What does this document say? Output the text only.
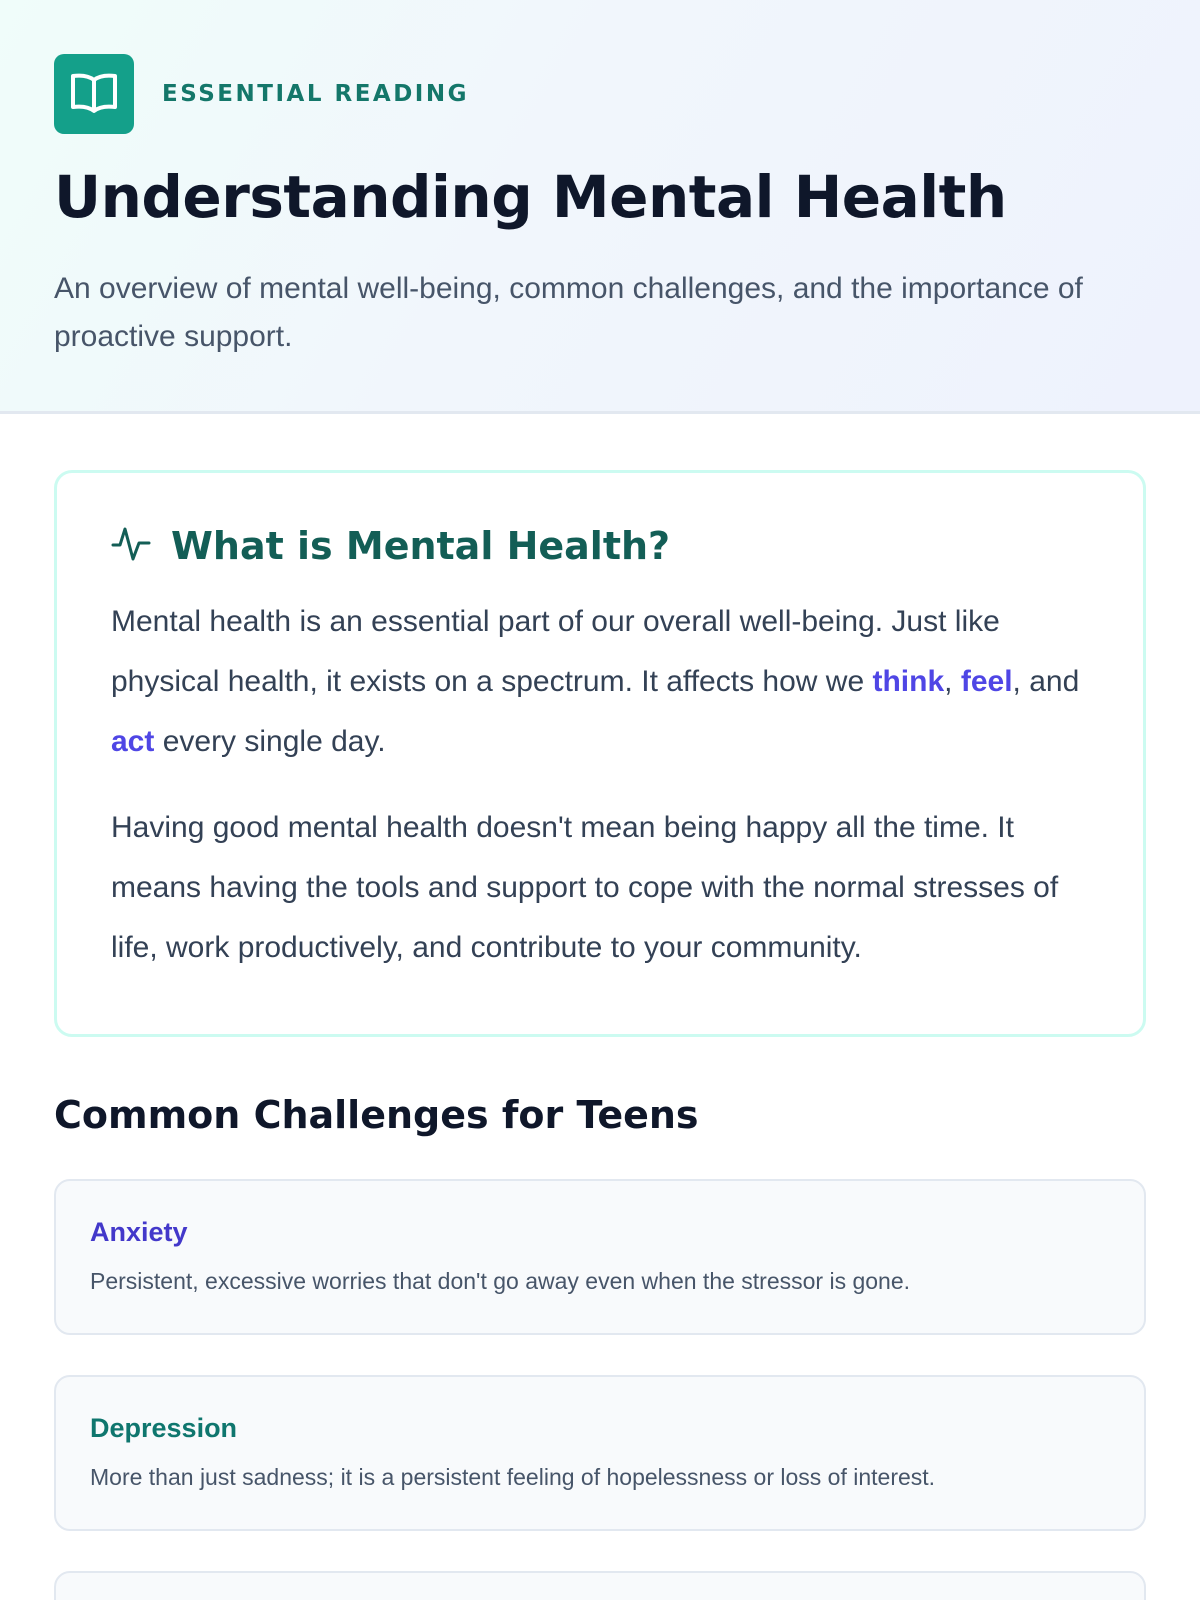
ESSENTIAL READING
Understanding Mental Health

An overview of mental well-being, common challenges, and the importance of proactive support.

What is Mental Health?

Mental health is an essential part of our overall well-being. Just like physical health, it exists on a spectrum. It affects how we think, feel, and act every single day.

Having good mental health doesn't mean being happy all the time. It means having the tools and support to cope with the normal stresses of life, work productively, and contribute to your community.

Common Challenges for Teens

Anxiety

Persistent, excessive worries that don't go away even when the stressor is gone.

Depression

More than just sadness; it is a persistent feeling of hopelessness or loss of interest.
